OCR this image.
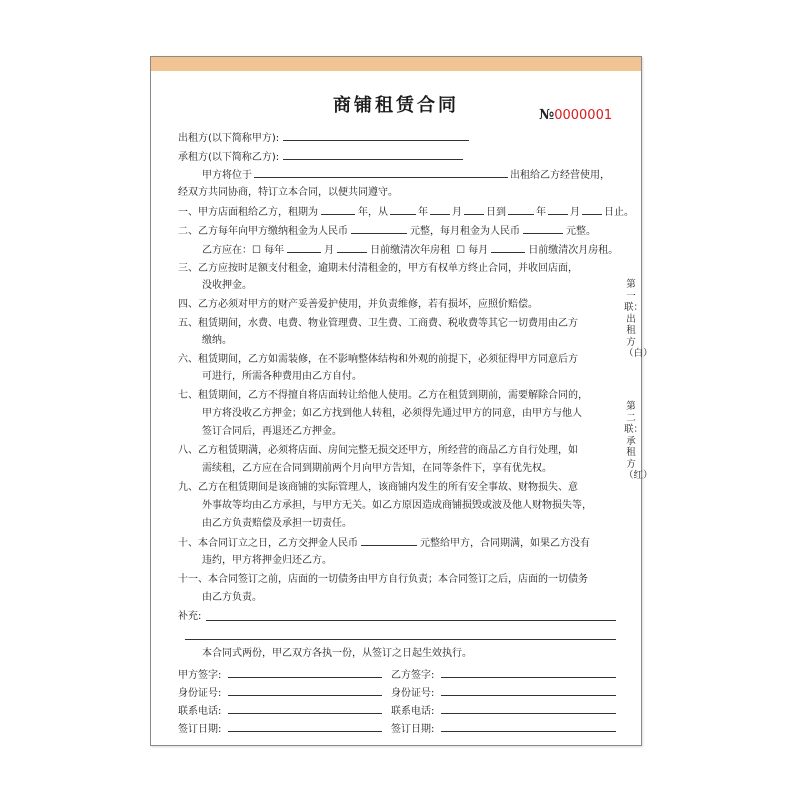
商铺租赁合同	№0000001
出租方(以下简称甲方):
承租方(以下简称乙方):
甲方将位于	出租给乙方经营使用，
经双方共同协商，特订立本合同，以便共同遵守。
一、甲方店面租给乙方，租期为	年，从	年 月 日到	年 月 日止。
二、乙方每年向甲方缴纳租金为人民币	元整，每月租金为人民币	元整。
乙方应在：☐ 每年	月	日前缴清次年房租 ☐ 每月	日前缴清次月房租。
三、乙方应按时足额支付租金，逾期未付清租金的，甲方有权单方终止合同，并收回店面，
没收押金。
四、乙方必须对甲方的财产妥善爱护使用，并负责维修，若有损坏，应照价赔偿。
五、租赁期间，水费、电费、物业管理费、卫生费、工商费、税收费等其它一切费用由乙方
缴纳。
六、租赁期间，乙方如需装修，在不影响整体结构和外观的前提下，必须征得甲方同意后方
可进行，所需各种费用由乙方自付。
七、租赁期间，乙方不得擅自将店面转让给他人使用。乙方在租赁到期前，需要解除合同的，
甲方将没收乙方押金；如乙方找到他人转租，必须得先通过甲方的同意，由甲方与他人
签订合同后，再退还乙方押金。
八、乙方租赁期满，必须将店面、房间完整无损交还甲方，所经营的商品乙方自行处理，如
需续租，乙方应在合同到期前两个月向甲方告知，在同等条件下，享有优先权。
九、乙方在租赁期间是该商铺的实际管理人，该商铺内发生的所有安全事故、财物损失、意
外事故等均由乙方承担，与甲方无关。如乙方原因造成商铺损毁或波及他人财物损失等，
由乙方负责赔偿及承担一切责任。
十、本合同订立之日，乙方交押金人民币	元整给甲方，合同期满，如果乙方没有
违约，甲方将押金归还乙方。
十一、本合同签订之前，店面的一切债务由甲方自行负责；本合同签订之后，店面的一切债务
由乙方负责。
补充:
本合同式两份，甲乙双方各执一份，从签订之日起生效执行。
甲方签字:	乙方签字:
身份证号:	身份证号:
联系电话:	联系电话:
签订日期:	签订日期:
第一联：出租方（白）
第二联：承租方（红）
